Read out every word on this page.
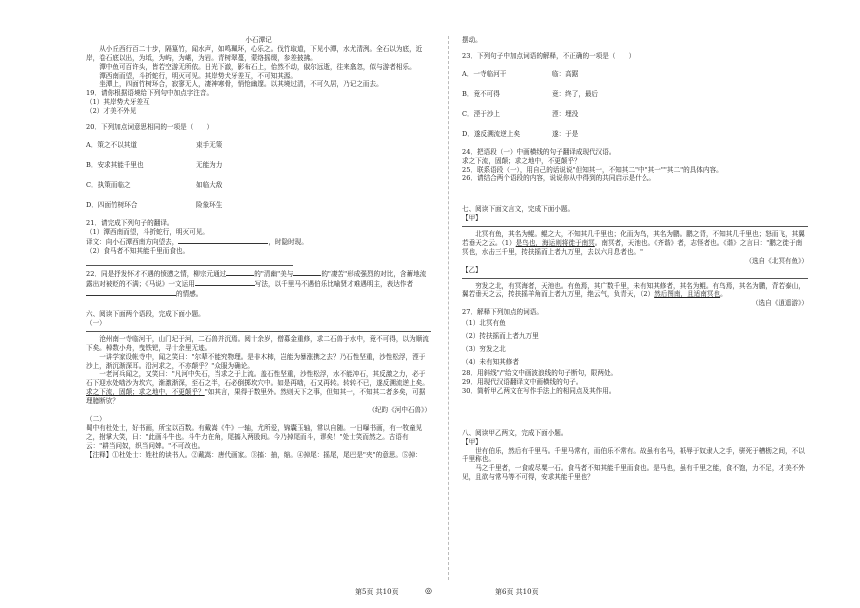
小石潭记

从小丘西行百二十步，隔篁竹，闻水声，如鸣珮环，心乐之。伐竹取道，下见小潭，水尤清洌。全石以为底，近岸，卷石底以出，为坻，为屿，为嵁，为岩。青树翠蔓，蒙络摇缀，参差披拂。

潭中鱼可百许头，皆若空游无所依。日光下澈，影布石上，佁然不动，俶尔远逝，往来翕忽，似与游者相乐。

潭西南而望，斗折蛇行，明灭可见。其岸势犬牙差互，不可知其源。

坐潭上，四面竹树环合，寂寥无人，凄神寒骨，悄怆幽邃。以其境过清，不可久居，乃记之而去。

19．请你根据语境给下列句中加点字注音。

（1）其岸势犬牙差互

（2）才美不外见

20．下列加点词意思相同的一项是（　　）

A．策之不以其道	束手无策
B．安求其能千里也	无能为力
C．执策而临之	如临大敌
D．四面竹树环合	险象环生

21．请完成下列句子的翻译。

（1）潭西南而望，斗折蛇行，明灭可见。

译文：向小石潭西南方向望去，	，时隐时现。

（2）食马者不知其能千里而食也。

22．同是抒发怀才不遇的愤懑之情，柳宗元通过	的"清幽"美与	的"凄苦"形成强烈的对比，含蓄地流露出对被贬的不满；《马说》一文运用	写法，以千里马不遇伯乐比喻贤才难遇明主，表达作者
的情感。

六、阅读下面两个语段，完成下面小题。

（一）

沧州南一寺临河干，山门圮于河，二石兽并沉焉。阅十余岁，僧募金重修，求二石兽于水中，竟不可得，以为顺流下矣。棹数小舟，曳铁钯，寻十余里无迹。

一讲学家设帐寺中，闻之笑曰："尔辈不能究物理。是非木柿，岂能为暴涨携之去？乃石性坚重，沙性松浮，湮于沙上，渐沉渐深耳。沿河求之，不亦颠乎？"众服为确论。

一老河兵闻之，又笑曰："凡河中失石，当求之于上流。盖石性坚重，沙性松浮，水不能冲石，其反激之力，必于石下迎水处啮沙为坎穴，渐激渐深，至石之半，石必倒掷坎穴中。如是再啮，石又再转。转转不已，遂反溯流逆上矣。求之下流，固颠；求之地中，不更颠乎？"如其言，果得于数里外。然则天下之事，但知其一，不知其二者多矣，可据理臆断欤？

（纪昀《河中石兽》）

（二）

蜀中有杜处士，好书画，所宝以百数。有戴嵩《牛》一轴，尤所爱，锦囊玉轴，常以自随。一日曝书画，有一牧童见之，拊掌大笑，曰："此画斗牛也。斗牛力在角，尾搐入两股间。今乃掉尾而斗，谬矣！"处士笑而然之。古语有云："耕当问奴，织当问婢。"不可改也。

【注释】①杜处士：姓杜的读书人。②戴嵩：唐代画家。③搐：抽，缩。④掉尾：摇尾，尾巴是"夹"的意思。⑤掉：

摆动。

23．下列句子中加点词语的解释，不正确的一项是（　　）

A．一寺临河干	临：高踞
B．竟不可得	竟：终了，最后
C．湮于沙上	湮：埋没
D．遂反溯流逆上矣	遂：于是

24．把语段（一）中画横线的句子翻译成现代汉语。

求之下流，固颠；求之地中，不更颠乎？

25．联系语段（一），用自己的话说说"但知其一，不知其二"中"其一""其二"的具体内容。

26．请结合两个语段的内容，说说你从中得到的共同启示是什么。

七、阅读下面文言文，完成下面小题。

【甲】

北冥有鱼，其名为鲲。鲲之大，不知其几千里也；化而为鸟，其名为鹏。鹏之背，不知其几千里也；怒而飞，其翼若垂天之云。（1）是鸟也，海运则将徙于南冥。南冥者，天池也。《齐谐》者，志怪者也。《谐》之言曰："鹏之徙于南冥也，水击三千里，抟扶摇而上者九万里，去以六月息者也。"

（选自《北冥有鱼》）

【乙】

穷发之北，有冥海者，天池也。有鱼焉，其广数千里，未有知其修者，其名为鲲。有鸟焉，其名为鹏，背若泰山，翼若垂天之云，抟扶摇羊角而上者九万里，绝云气，负青天，（2）然后图南，且适南冥也。

（选自《逍遥游》）

27．解释下列加点的词语。

（1）北冥有鱼

（2）抟扶摇而上者九万里

（3）穷发之北

（4）未有知其修者

28．用斜线"/"给文中画波浪线的句子断句，限两处。

29．用现代汉语翻译文中画横线的句子。

30．简析甲乙两文在写作手法上的相同点及其作用。

八、阅读甲乙两文，完成下面小题。

【甲】

世有伯乐，然后有千里马。千里马常有，而伯乐不常有。故虽有名马，祇辱于奴隶人之手，骈死于槽枥之间，不以千里称也。

马之千里者，一食或尽粟一石。食马者不知其能千里而食也。是马也，虽有千里之能，食不饱，力不足，才美不外见，且欲与常马等不可得，安求其能千里也？

第5页 共10页	◎	第6页 共10页
